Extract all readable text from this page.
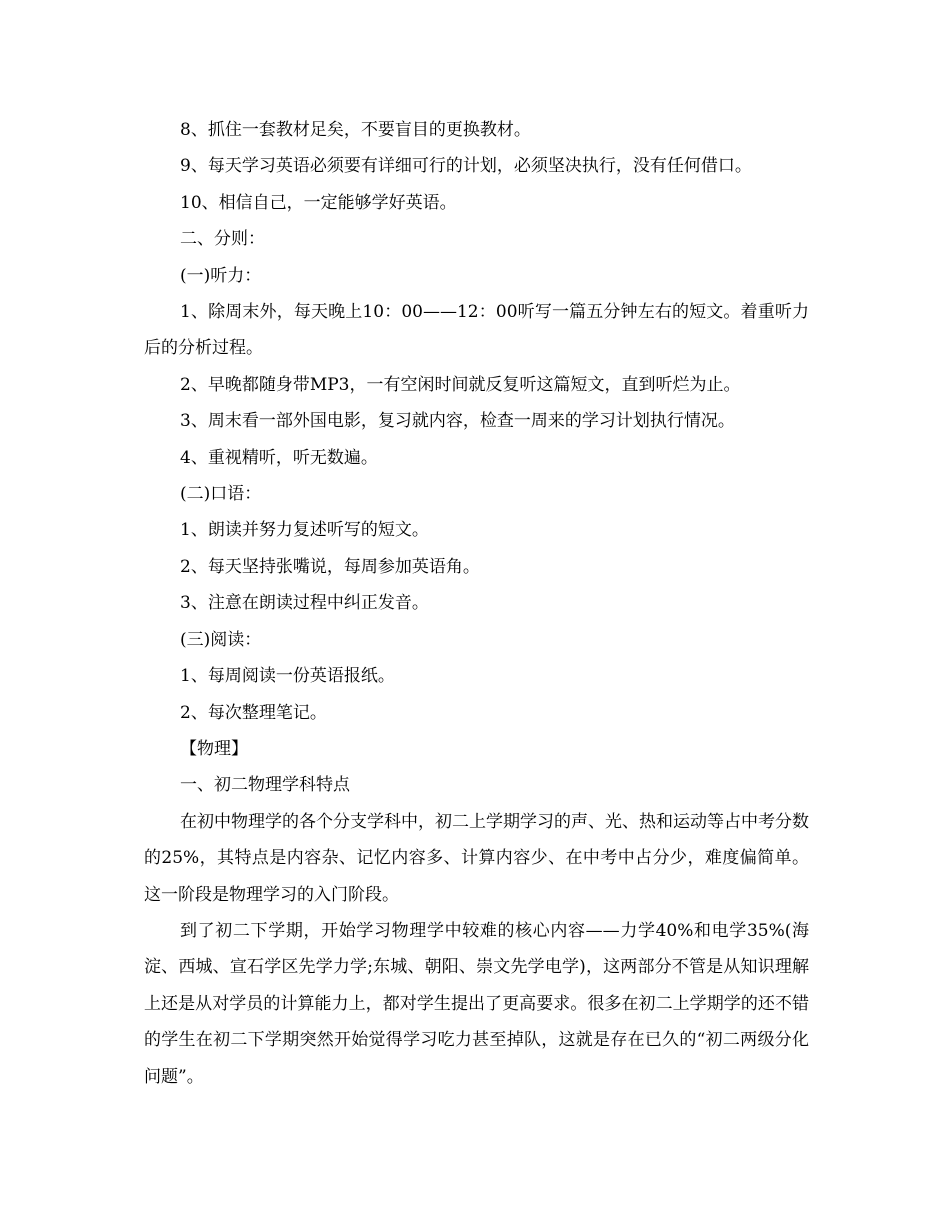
8、抓住一套教材足矣，不要盲目的更换教材。

9、每天学习英语必须要有详细可行的计划，必须坚决执行，没有任何借口。

10、相信自己，一定能够学好英语。

二、分则：

(一)听力：

1、除周末外，每天晚上10：00——12：00听写一篇五分钟左右的短文。着重听力后的分析过程。

2、早晚都随身带MP3，一有空闲时间就反复听这篇短文，直到听烂为止。

3、周末看一部外国电影，复习就内容，检查一周来的学习计划执行情况。

4、重视精听，听无数遍。

(二)口语：

1、朗读并努力复述听写的短文。

2、每天坚持张嘴说，每周参加英语角。

3、注意在朗读过程中纠正发音。

(三)阅读：

1、每周阅读一份英语报纸。

2、每次整理笔记。

【物理】

一、初二物理学科特点

在初中物理学的各个分支学科中，初二上学期学习的声、光、热和运动等占中考分数的25%，其特点是内容杂、记忆内容多、计算内容少、在中考中占分少，难度偏简单。这一阶段是物理学习的入门阶段。

到了初二下学期，开始学习物理学中较难的核心内容——力学40%和电学35%(海淀、西城、宣石学区先学力学;东城、朝阳、崇文先学电学)，这两部分不管是从知识理解上还是从对学员的计算能力上，都对学生提出了更高要求。很多在初二上学期学的还不错的学生在初二下学期突然开始觉得学习吃力甚至掉队，这就是存在已久的“初二两级分化问题”。
